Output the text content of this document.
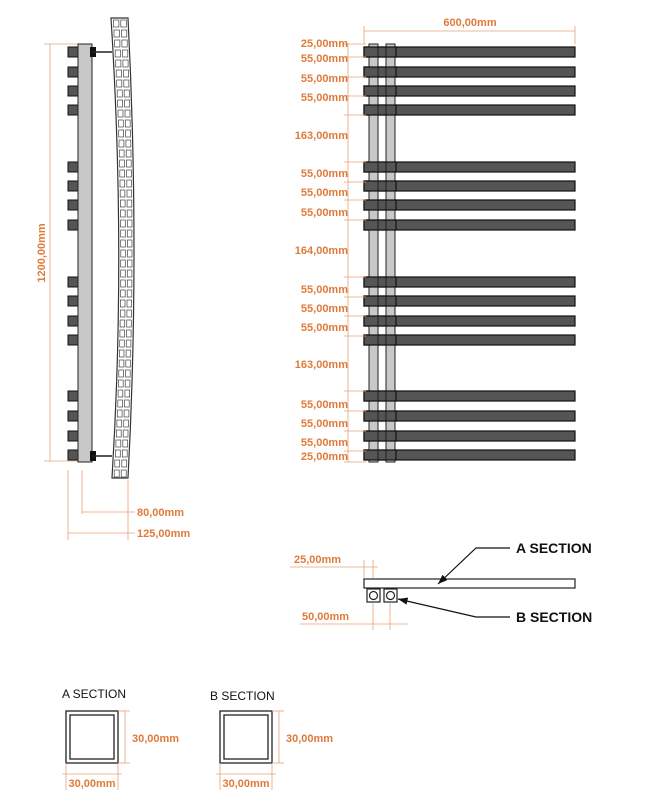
1200,00mm
80,00mm
125,00mm
600,00mm
25,00mm
55,00mm
55,00mm
55,00mm
163,00mm
55,00mm
55,00mm
55,00mm
164,00mm
55,00mm
55,00mm
55,00mm
163,00mm
55,00mm
55,00mm
55,00mm
25,00mm
A SECTION
B SECTION
25,00mm
50,00mm
A SECTION
30,00mm
30,00mm
B SECTION
30,00mm
30,00mm
